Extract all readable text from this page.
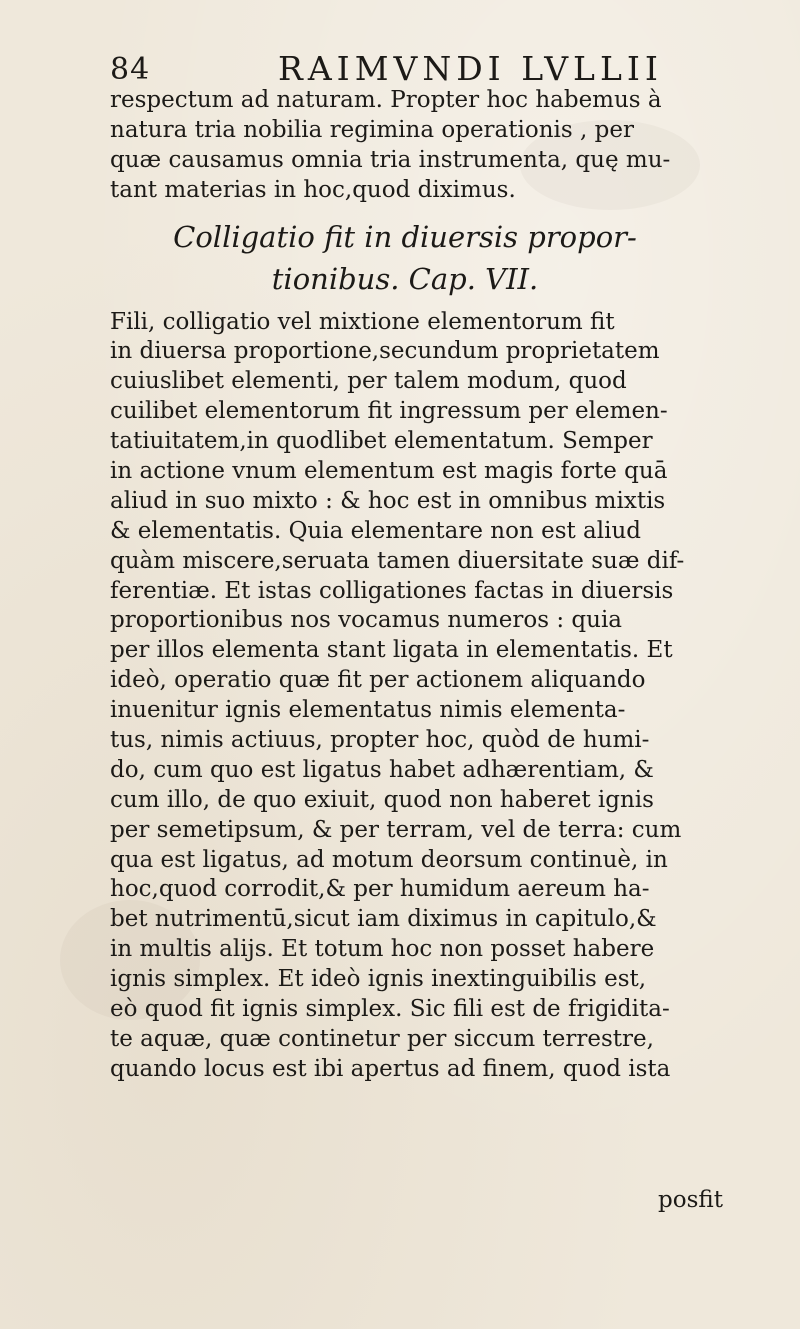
84	RAIMVNDI LVLLII
respectum ad naturam. Propter hoc habemus à
natura tria nobilia regimina operationis , per
quæ causamus omnia tria instrumenta, quę mu-
tant materias in hoc,quod diximus.
Colligatio fit in diuersis propor-
tionibus. Cap. VII.
Fili, colligatio vel mixtione elementorum fit
in diuersa proportione,secundum proprietatem
cuiuslibet elementi, per talem modum, quod
cuilibet elementorum fit ingressum per elemen-
tatiuitatem,in quodlibet elementatum. Semper
in actione vnum elementum est magis forte quā
aliud in suo mixto : & hoc est in omnibus mixtis
& elementatis. Quia elementare non est aliud
quàm miscere,seruata tamen diuersitate suæ dif-
ferentiæ. Et istas colligationes factas in diuersis
proportionibus nos vocamus numeros : quia
per illos elementa stant ligata in elementatis. Et
ideò, operatio quæ fit per actionem aliquando
inuenitur ignis elementatus nimis elementa-
tus, nimis actiuus, propter hoc, quòd de humi-
do, cum quo est ligatus habet adhærentiam, &
cum illo, de quo exiuit, quod non haberet ignis
per semetipsum, & per terram, vel de terra: cum
qua est ligatus, ad motum deorsum continuè, in
hoc,quod corrodit,& per humidum aereum ha-
bet nutrimentū,sicut iam diximus in capitulo,&
in multis alijs. Et totum hoc non posset habere
ignis simplex. Et ideò ignis inextinguibilis est,
eò quod fit ignis simplex. Sic fili est de frigidita-
te aquæ, quæ continetur per siccum terrestre,
quando locus est ibi apertus ad finem, quod ista
posfit
